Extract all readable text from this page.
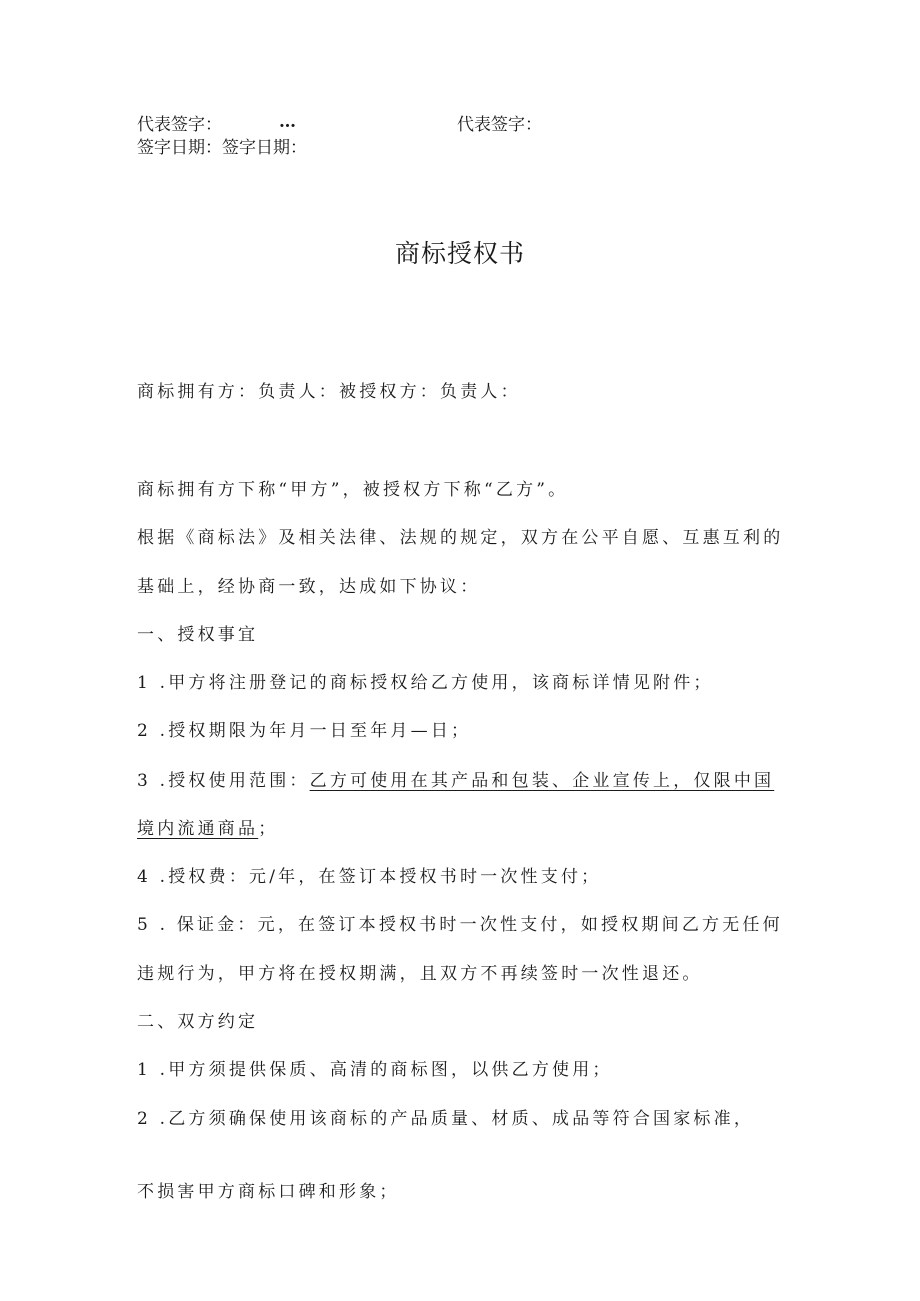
代表签字：	…	代表签字：
签字日期：签字日期：
商标授权书
商标拥有方：负责人：被授权方：负责人：
商标拥有方下称“甲方”，被授权方下称“乙方”。
根据《商标法》及相关法律、法规的规定，双方在公平自愿、互惠互利的
基础上，经协商一致，达成如下协议：
一、授权事宜
1 .甲方将注册登记的商标授权给乙方使用，该商标详情见附件；
2 .授权期限为年月一日至年月—日；
3 .授权使用范围：乙方可使用在其产品和包装、企业宣传上，仅限中国
境内流通商品；
4 .授权费：元/年，在签订本授权书时一次性支付；
5 . 保证金：元，在签订本授权书时一次性支付，如授权期间乙方无任何
违规行为，甲方将在授权期满，且双方不再续签时一次性退还。
二、双方约定
1 .甲方须提供保质、高清的商标图，以供乙方使用；
2 .乙方须确保使用该商标的产品质量、材质、成品等符合国家标准，
不损害甲方商标口碑和形象；
